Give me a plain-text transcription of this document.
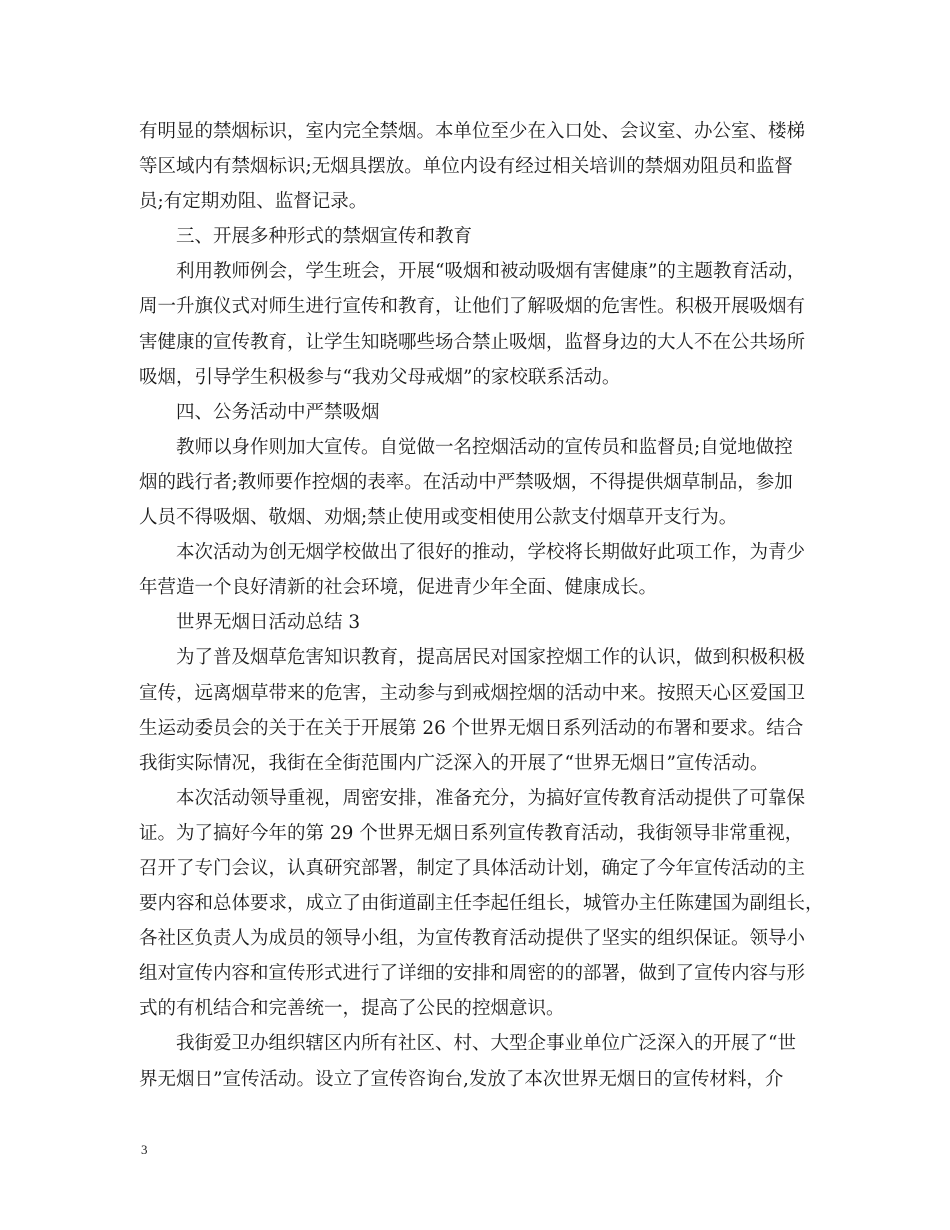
有明显的禁烟标识，室内完全禁烟。本单位至少在入口处、会议室、办公室、楼梯
等区域内有禁烟标识;无烟具摆放。单位内设有经过相关培训的禁烟劝阻员和监督
员;有定期劝阻、监督记录。
三、开展多种形式的禁烟宣传和教育
利用教师例会，学生班会，开展“吸烟和被动吸烟有害健康”的主题教育活动，
周一升旗仪式对师生进行宣传和教育，让他们了解吸烟的危害性。积极开展吸烟有
害健康的宣传教育，让学生知晓哪些场合禁止吸烟，监督身边的大人不在公共场所
吸烟，引导学生积极参与“我劝父母戒烟”的家校联系活动。
四、公务活动中严禁吸烟
教师以身作则加大宣传。自觉做一名控烟活动的宣传员和监督员;自觉地做控
烟的践行者;教师要作控烟的表率。在活动中严禁吸烟，不得提供烟草制品，参加
人员不得吸烟、敬烟、劝烟;禁止使用或变相使用公款支付烟草开支行为。
本次活动为创无烟学校做出了很好的推动，学校将长期做好此项工作，为青少
年营造一个良好清新的社会环境，促进青少年全面、健康成长。
世界无烟日活动总结 3
为了普及烟草危害知识教育，提高居民对国家控烟工作的认识，做到积极积极
宣传，远离烟草带来的危害，主动参与到戒烟控烟的活动中来。按照天心区爱国卫
生运动委员会的关于在关于开展第 26 个世界无烟日系列活动的布署和要求。结合
我街实际情况，我街在全街范围内广泛深入的开展了“世界无烟日”宣传活动。
本次活动领导重视，周密安排，准备充分，为搞好宣传教育活动提供了可靠保
证。为了搞好今年的第 29 个世界无烟日系列宣传教育活动，我街领导非常重视，
召开了专门会议，认真研究部署，制定了具体活动计划，确定了今年宣传活动的主
要内容和总体要求，成立了由街道副主任李起任组长，城管办主任陈建国为副组长，
各社区负责人为成员的领导小组，为宣传教育活动提供了坚实的组织保证。领导小
组对宣传内容和宣传形式进行了详细的安排和周密的的部署，做到了宣传内容与形
式的有机结合和完善统一，提高了公民的控烟意识。
我街爱卫办组织辖区内所有社区、村、大型企事业单位广泛深入的开展了“世
界无烟日”宣传活动。设立了宣传咨询台,发放了本次世界无烟日的宣传材料，介
3
